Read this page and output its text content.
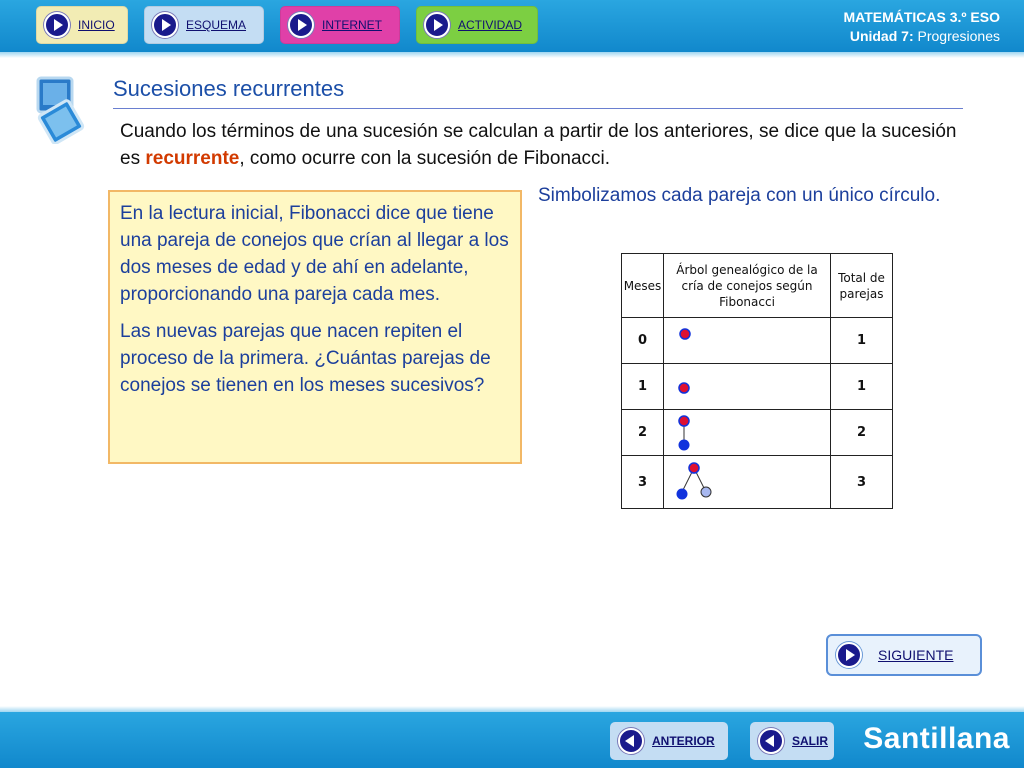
INICIO	ESQUEMA	INTERNET	ACTIVIDAD	MATEMÁTICAS 3.º ESO
Unidad 7: Progresiones
Sucesiones recurrentes
Cuando los términos de una sucesión se calculan a partir de los anteriores, se dice que la sucesión es recurrente, como ocurre con la sucesión de Fibonacci.

En la lectura inicial, Fibonacci dice que tiene una pareja de conejos que crían al llegar a los dos meses de edad y de ahí en adelante, proporcionando una pareja cada mes.

Las nuevas parejas que nacen repiten el proceso de la primera. ¿Cuántas parejas de conejos se tienen en los meses sucesivos?

Simbolizamos cada pareja con un único círculo.
Meses	Árbol genealógico de la cría de conejos según Fibonacci	Total de parejas
0		1
1		1
2		2
3		3
SIGUIENTE
ANTERIOR	SALIR Santillana
